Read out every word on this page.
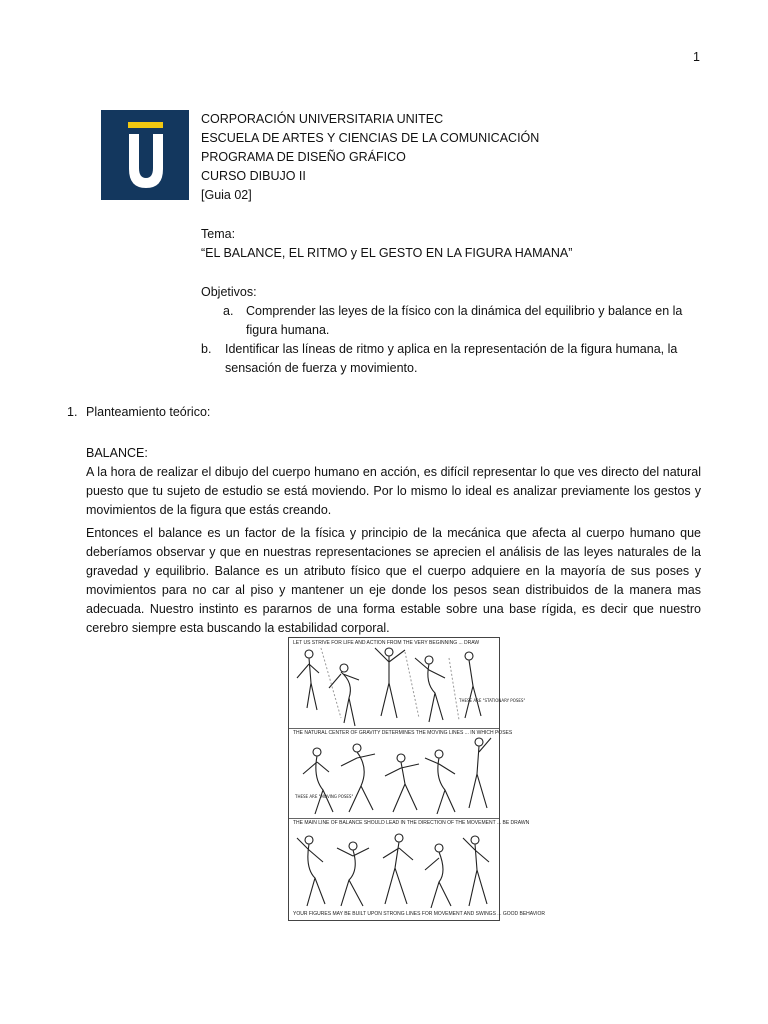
1
CORPORACIÓN UNIVERSITARIA UNITEC
ESCUELA DE ARTES Y CIENCIAS DE LA COMUNICACIÓN
PROGRAMA DE DISEÑO GRÁFICO
CURSO DIBUJO II
[Guia 02]
Tema:
“EL BALANCE, EL RITMO y EL GESTO EN LA FIGURA HAMANA”
Objetivos:
a. Comprender las leyes de la físico con la dinámica del equilibrio y balance en la figura humana.
b. Identificar las líneas de ritmo y aplica en la representación de la figura humana, la sensación de fuerza y movimiento.
1. Planteamiento teórico:

BALANCE:

A la hora de realizar el dibujo del cuerpo humano en acción, es difícil representar lo que ves directo del natural puesto que tu sujeto de estudio se está moviendo. Por lo mismo lo ideal es analizar previamente los gestos y movimientos de la figura que estás creando.

Entonces el balance es un factor de la física y principio de la mecánica que afecta al cuerpo humano que deberíamos observar y que en nuestras representaciones se aprecien el análisis de las leyes naturales de la gravedad y equilibrio. Balance es un atributo físico que el cuerpo adquiere en la mayoría de sus poses y movimientos para no car al piso y mantener un eje donde los pesos sean distribuidos de la manera mas adecuada. Nuestro instinto es pararnos de una forma estable sobre una base rígida, es decir que nuestro cerebro siempre esta buscando la estabilidad corporal.

LET US STRIVE FOR LIFE AND ACTION FROM THE VERY BEGINNING ... DRAW
THESE ARE "STATIONARY POSES"
THE NATURAL CENTER OF GRAVITY DETERMINES THE MOVING LINES ... IN WHICH POSES
THESE ARE "MOVING POSES"
THE MAIN LINE OF BALANCE SHOULD LEAD IN THE DIRECTION OF THE MOVEMENT ... BE DRAWN
YOUR FIGURES MAY BE BUILT UPON STRONG LINES FOR MOVEMENT AND SWINGS ... GOOD BEHAVIOR
